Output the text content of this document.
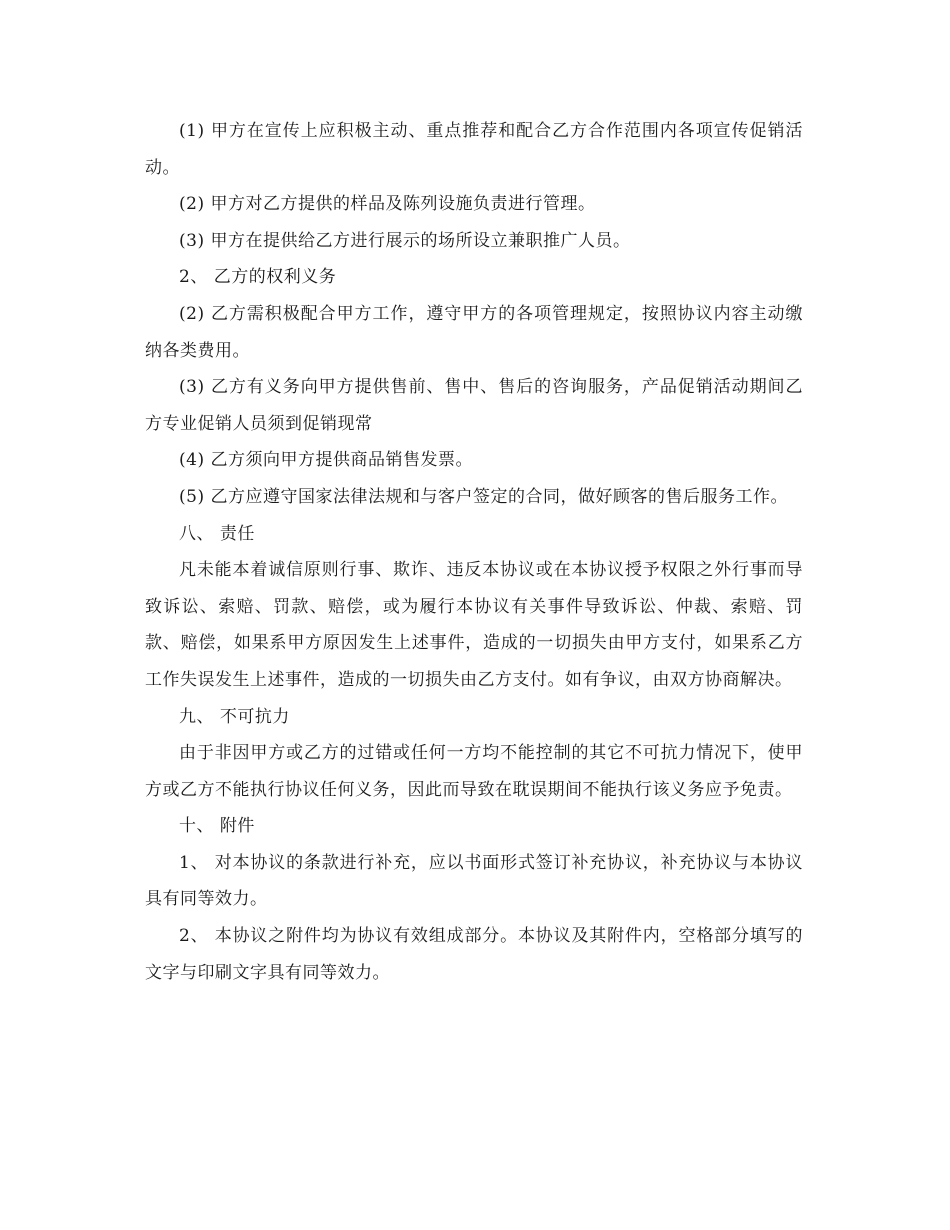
(1) 甲方在宣传上应积极主动、重点推荐和配合乙方合作范围内各项宣传促销活动。

(2) 甲方对乙方提供的样品及陈列设施负责进行管理。

(3) 甲方在提供给乙方进行展示的场所设立兼职推广人员。

2、 乙方的权利义务

(2) 乙方需积极配合甲方工作，遵守甲方的各项管理规定，按照协议内容主动缴纳各类费用。

(3) 乙方有义务向甲方提供售前、售中、售后的咨询服务，产品促销活动期间乙方专业促销人员须到促销现常

(4) 乙方须向甲方提供商品销售发票。

(5) 乙方应遵守国家法律法规和与客户签定的合同，做好顾客的售后服务工作。

八、 责任

凡未能本着诚信原则行事、欺诈、违反本协议或在本协议授予权限之外行事而导致诉讼、索赔、罚款、赔偿，或为履行本协议有关事件导致诉讼、仲裁、索赔、罚款、赔偿，如果系甲方原因发生上述事件，造成的一切损失由甲方支付，如果系乙方工作失误发生上述事件，造成的一切损失由乙方支付。如有争议，由双方协商解决。

九、 不可抗力

由于非因甲方或乙方的过错或任何一方均不能控制的其它不可抗力情况下，使甲方或乙方不能执行协议任何义务，因此而导致在耽误期间不能执行该义务应予免责。

十、 附件

1、 对本协议的条款进行补充，应以书面形式签订补充协议，补充协议与本协议具有同等效力。

2、 本协议之附件均为协议有效组成部分。本协议及其附件内，空格部分填写的文字与印刷文字具有同等效力。
